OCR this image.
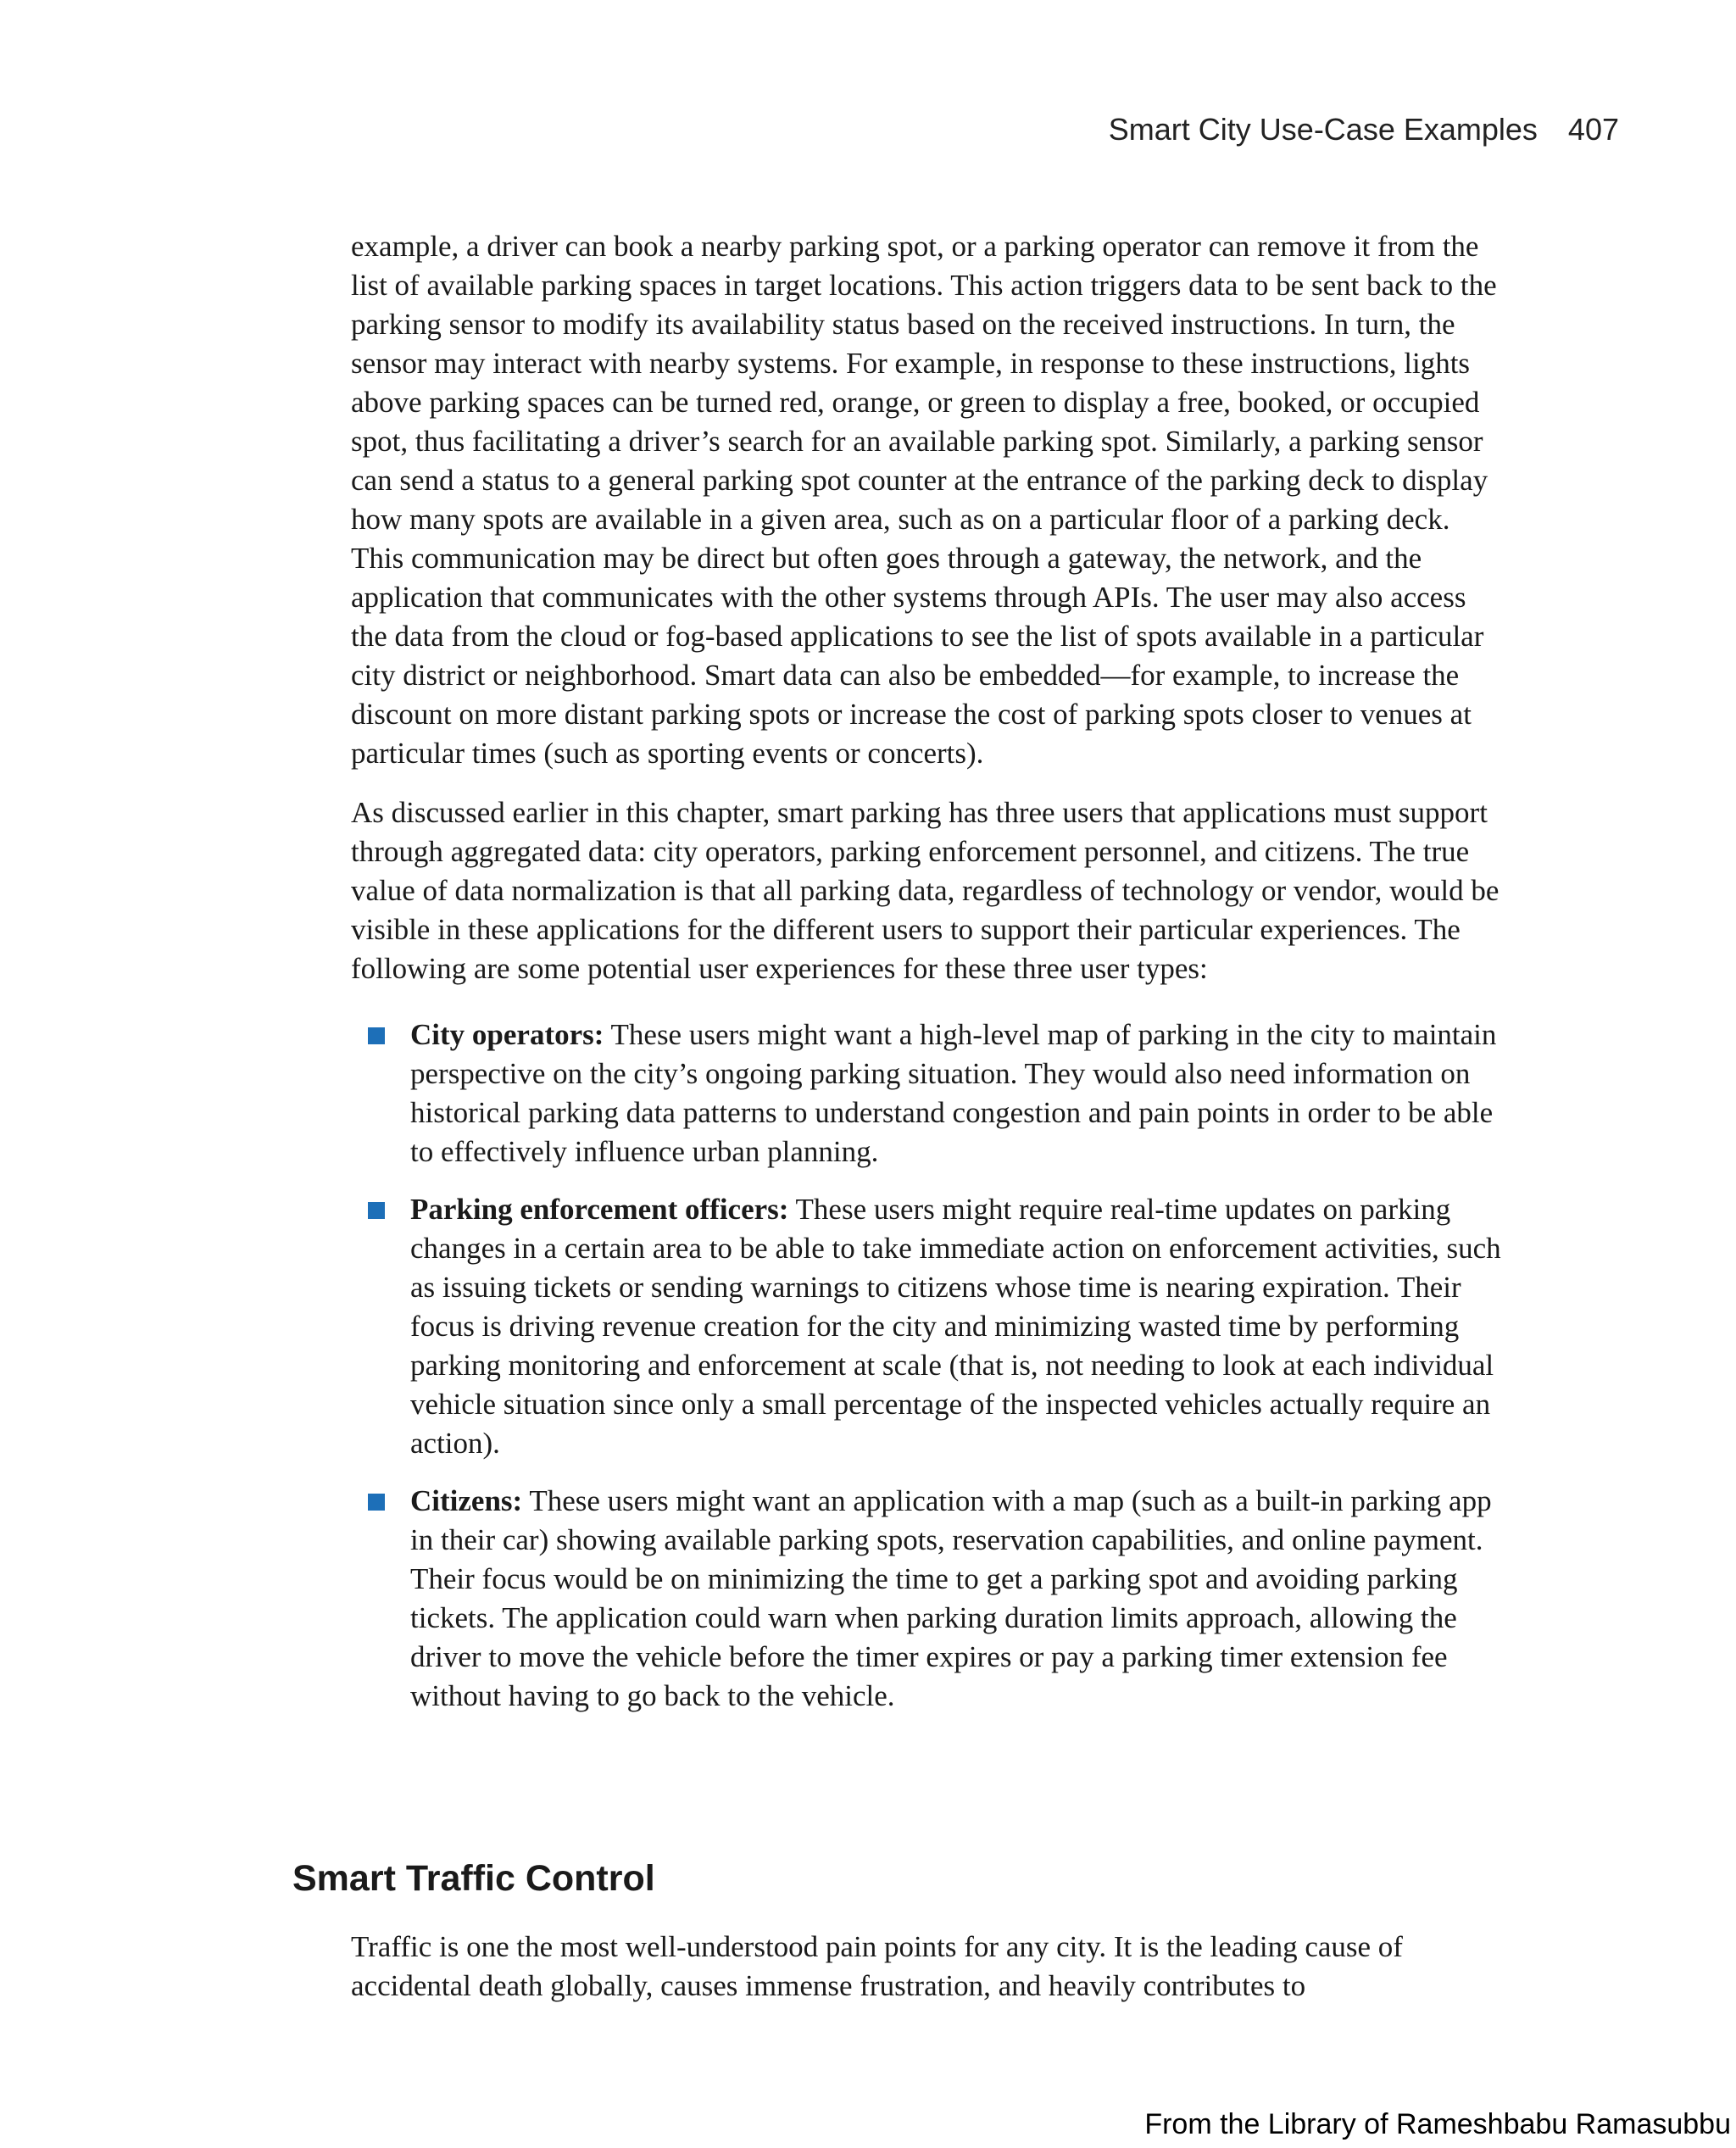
Smart City Use-Case Examples 407

example, a driver can book a nearby parking spot, or a parking operator can remove it from the list of available parking spaces in target locations. This action triggers data to be sent back to the parking sensor to modify its availability status based on the received instructions. In turn, the sensor may interact with nearby systems. For example, in response to these instructions, lights above parking spaces can be turned red, orange, or green to display a free, booked, or occupied spot, thus facilitating a driver’s search for an available parking spot. Similarly, a parking sensor can send a status to a general parking spot counter at the entrance of the parking deck to display how many spots are available in a given area, such as on a particular floor of a parking deck. This communication may be direct but often goes through a gateway, the network, and the application that communicates with the other systems through APIs. The user may also access the data from the cloud or fog-based applications to see the list of spots available in a particular city district or neighborhood. Smart data can also be embedded—for example, to increase the discount on more distant parking spots or increase the cost of parking spots closer to venues at particular times (such as sporting events or concerts).

As discussed earlier in this chapter, smart parking has three users that applications must support through aggregated data: city operators, parking enforcement personnel, and citizens. The true value of data normalization is that all parking data, regardless of technology or vendor, would be visible in these applications for the different users to support their particular experiences. The following are some potential user experiences for these three user types:

City operators: These users might want a high-level map of parking in the city to maintain perspective on the city’s ongoing parking situation. They would also need information on historical parking data patterns to understand congestion and pain points in order to be able to effectively influence urban planning.
Parking enforcement officers: These users might require real-time updates on parking changes in a certain area to be able to take immediate action on enforcement activities, such as issuing tickets or sending warnings to citizens whose time is nearing expiration. Their focus is driving revenue creation for the city and minimizing wasted time by performing parking monitoring and enforcement at scale (that is, not needing to look at each individual vehicle situation since only a small percentage of the inspected vehicles actually require an action).
Citizens: These users might want an application with a map (such as a built-in parking app in their car) showing available parking spots, reservation capabilities, and online payment. Their focus would be on minimizing the time to get a parking spot and avoiding parking tickets. The application could warn when parking duration limits approach, allowing the driver to move the vehicle before the timer expires or pay a parking timer extension fee without having to go back to the vehicle.
Smart Traffic Control

Traffic is one the most well-understood pain points for any city. It is the leading cause of accidental death globally, causes immense frustration, and heavily contributes to

From the Library of Rameshbabu Ramasubbu
